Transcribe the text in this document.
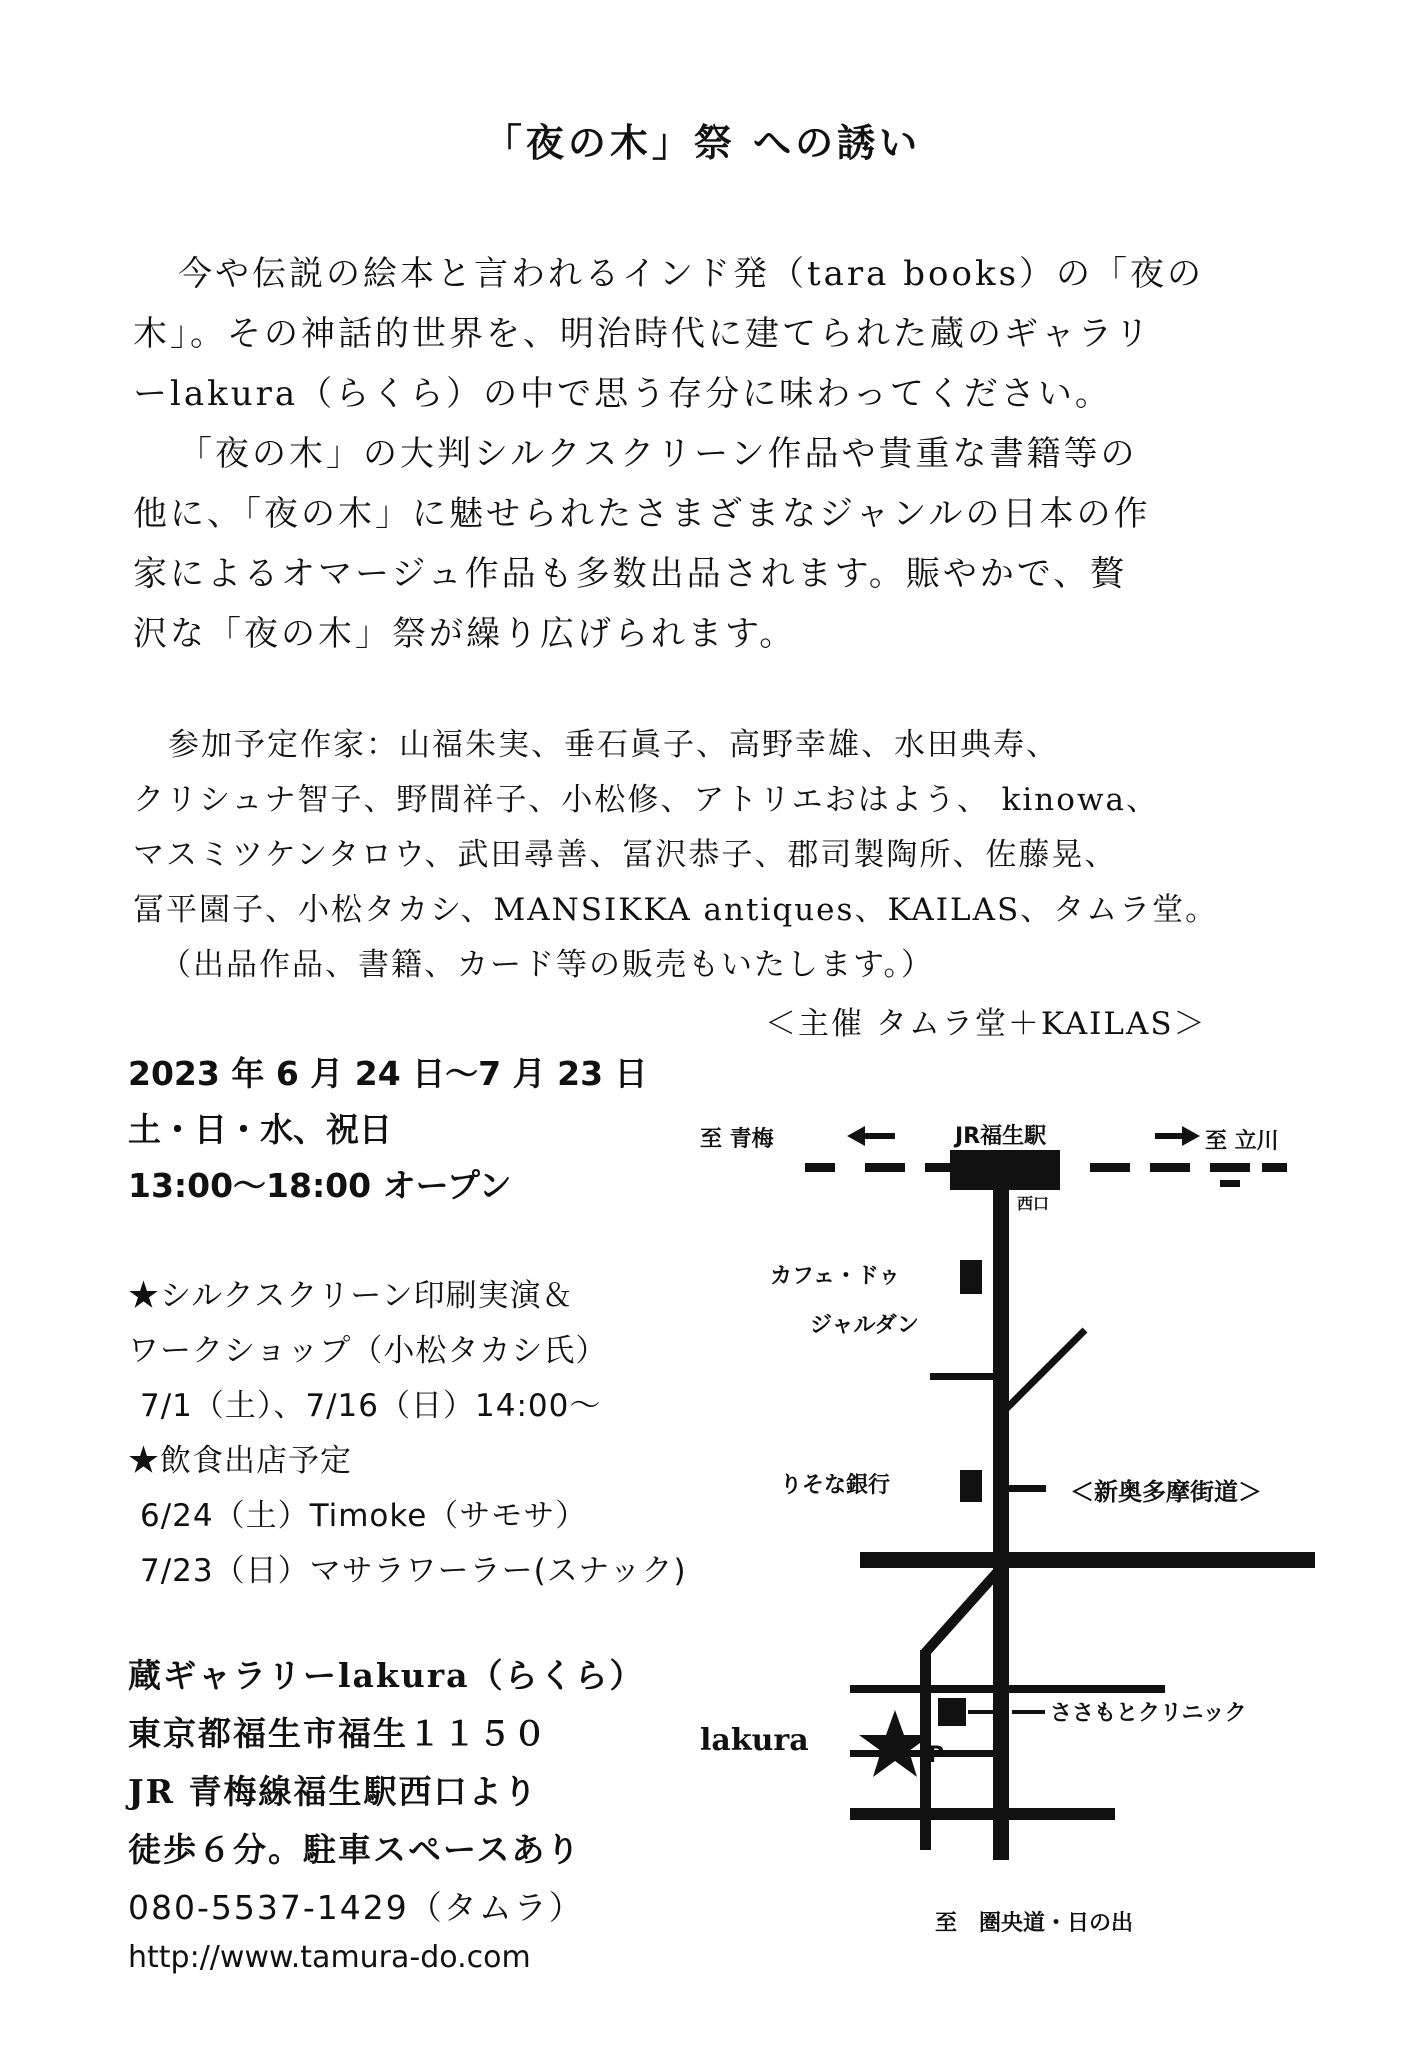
「夜の木」祭 への誘い
今や伝説の絵本と言われるインド発（tara books）の「夜の
木」。その神話的世界を、明治時代に建てられた蔵のギャラリ
ーlakura（らくら）の中で思う存分に味わってください。
「夜の木」の大判シルクスクリーン作品や貴重な書籍等の
他に、「夜の木」に魅せられたさまざまなジャンルの日本の作
家によるオマージュ作品も多数出品されます。賑やかで、贅
沢な「夜の木」祭が繰り広げられます。
参加予定作家：山福朱実、垂石眞子、高野幸雄、水田典寿、
クリシュナ智子、野間祥子、小松修、アトリエおはよう、 kinowa、
マスミツケンタロウ、武田尋善、冨沢恭子、郡司製陶所、佐藤晃、
冨平園子、小松タカシ、MANSIKKA antiques、KAILAS、タムラ堂。
（出品作品、書籍、カード等の販売もいたします。）
＜主催 タムラ堂＋KAILAS＞
2023 年 6 月 24 日～7 月 23 日
土・日・水、祝日
13:00～18:00 オープン
★シルクスクリーン印刷実演＆
ワークショップ（小松タカシ氏）
7/1（土）、7/16（日）14:00～
★飲食出店予定
6/24（土）Timoke（サモサ）
7/23（日）マサラワーラー(スナック)
蔵ギャラリーlakura（らくら）
東京都福生市福生１１５０
JR 青梅線福生駅西口より
徒歩６分。駐車スペースあり
080-5537-1429（タムラ）
http://www.tamura-do.com
P
至 青梅	JR福生駅	至 立川
西口
カフェ・ドゥ
ジャルダン
りそな銀行	＜新奥多摩街道＞
ささもとクリニック
lakura
至　圏央道・日の出
